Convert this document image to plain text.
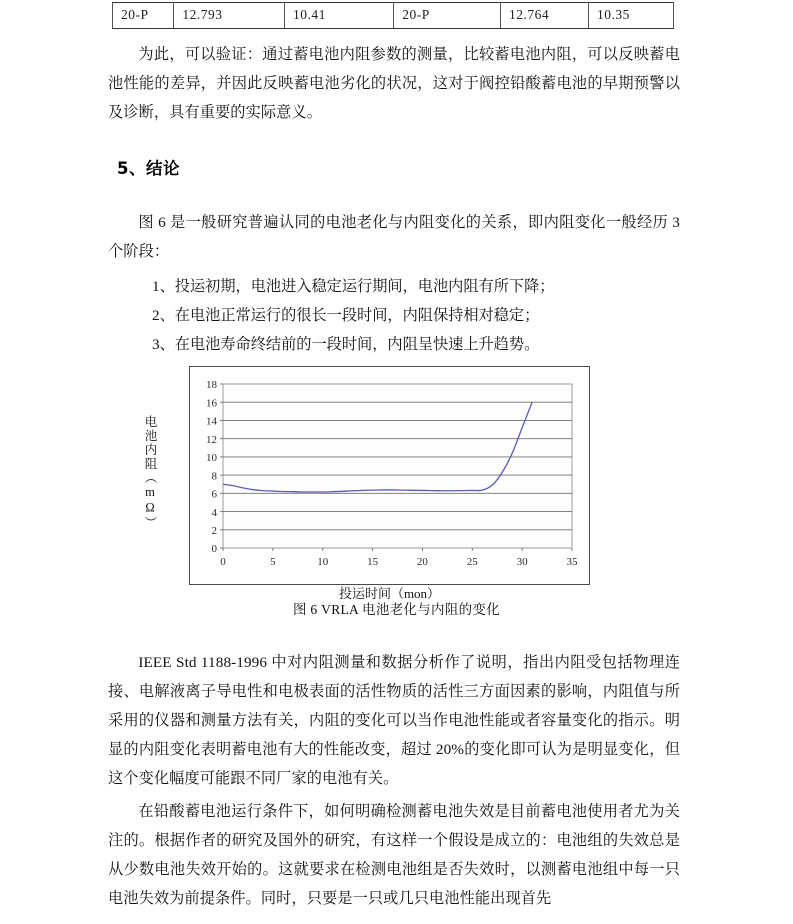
20-P	12.793	10.41	20-P	12.764	10.35
为此，可以验证：通过蓄电池内阻参数的测量，比较蓄电池内阻，可以反映蓄电池性能的差异，并因此反映蓄电池劣化的状况，这对于阀控铅酸蓄电池的早期预警以及诊断，具有重要的实际意义。
5、结论
图 6 是一般研究普遍认同的电池老化与内阻变化的关系，即内阻变化一般经历 3 个阶段：
1、投运初期，电池进入稳定运行期间，电池内阻有所下降；
2、在电池正常运行的很长一段时间，内阻保持相对稳定；
3、在电池寿命终结前的一段时间，内阻呈快速上升趋势。
电池内阻（mΩ）
0
2
4
6
8
10
12
14
16
18
0	5	10	15	20	25	30	35
投运时间（mon）
图 6 VRLA 电池老化与内阻的变化
IEEE Std 1188-1996 中对内阻测量和数据分析作了说明，指出内阻受包括物理连接、电解液离子导电性和电极表面的活性物质的活性三方面因素的影响，内阻值与所采用的仪器和测量方法有关，内阻的变化可以当作电池性能或者容量变化的指示。明显的内阻变化表明蓄电池有大的性能改变，超过 20%的变化即可认为是明显变化，但这个变化幅度可能跟不同厂家的电池有关。
在铅酸蓄电池运行条件下，如何明确检测蓄电池失效是目前蓄电池使用者尤为关注的。根据作者的研究及国外的研究，有这样一个假设是成立的：电池组的失效总是从少数电池失效开始的。这就要求在检测电池组是否失效时，以测蓄电池组中每一只电池失效为前提条件。同时，只要是一只或几只电池性能出现首先
